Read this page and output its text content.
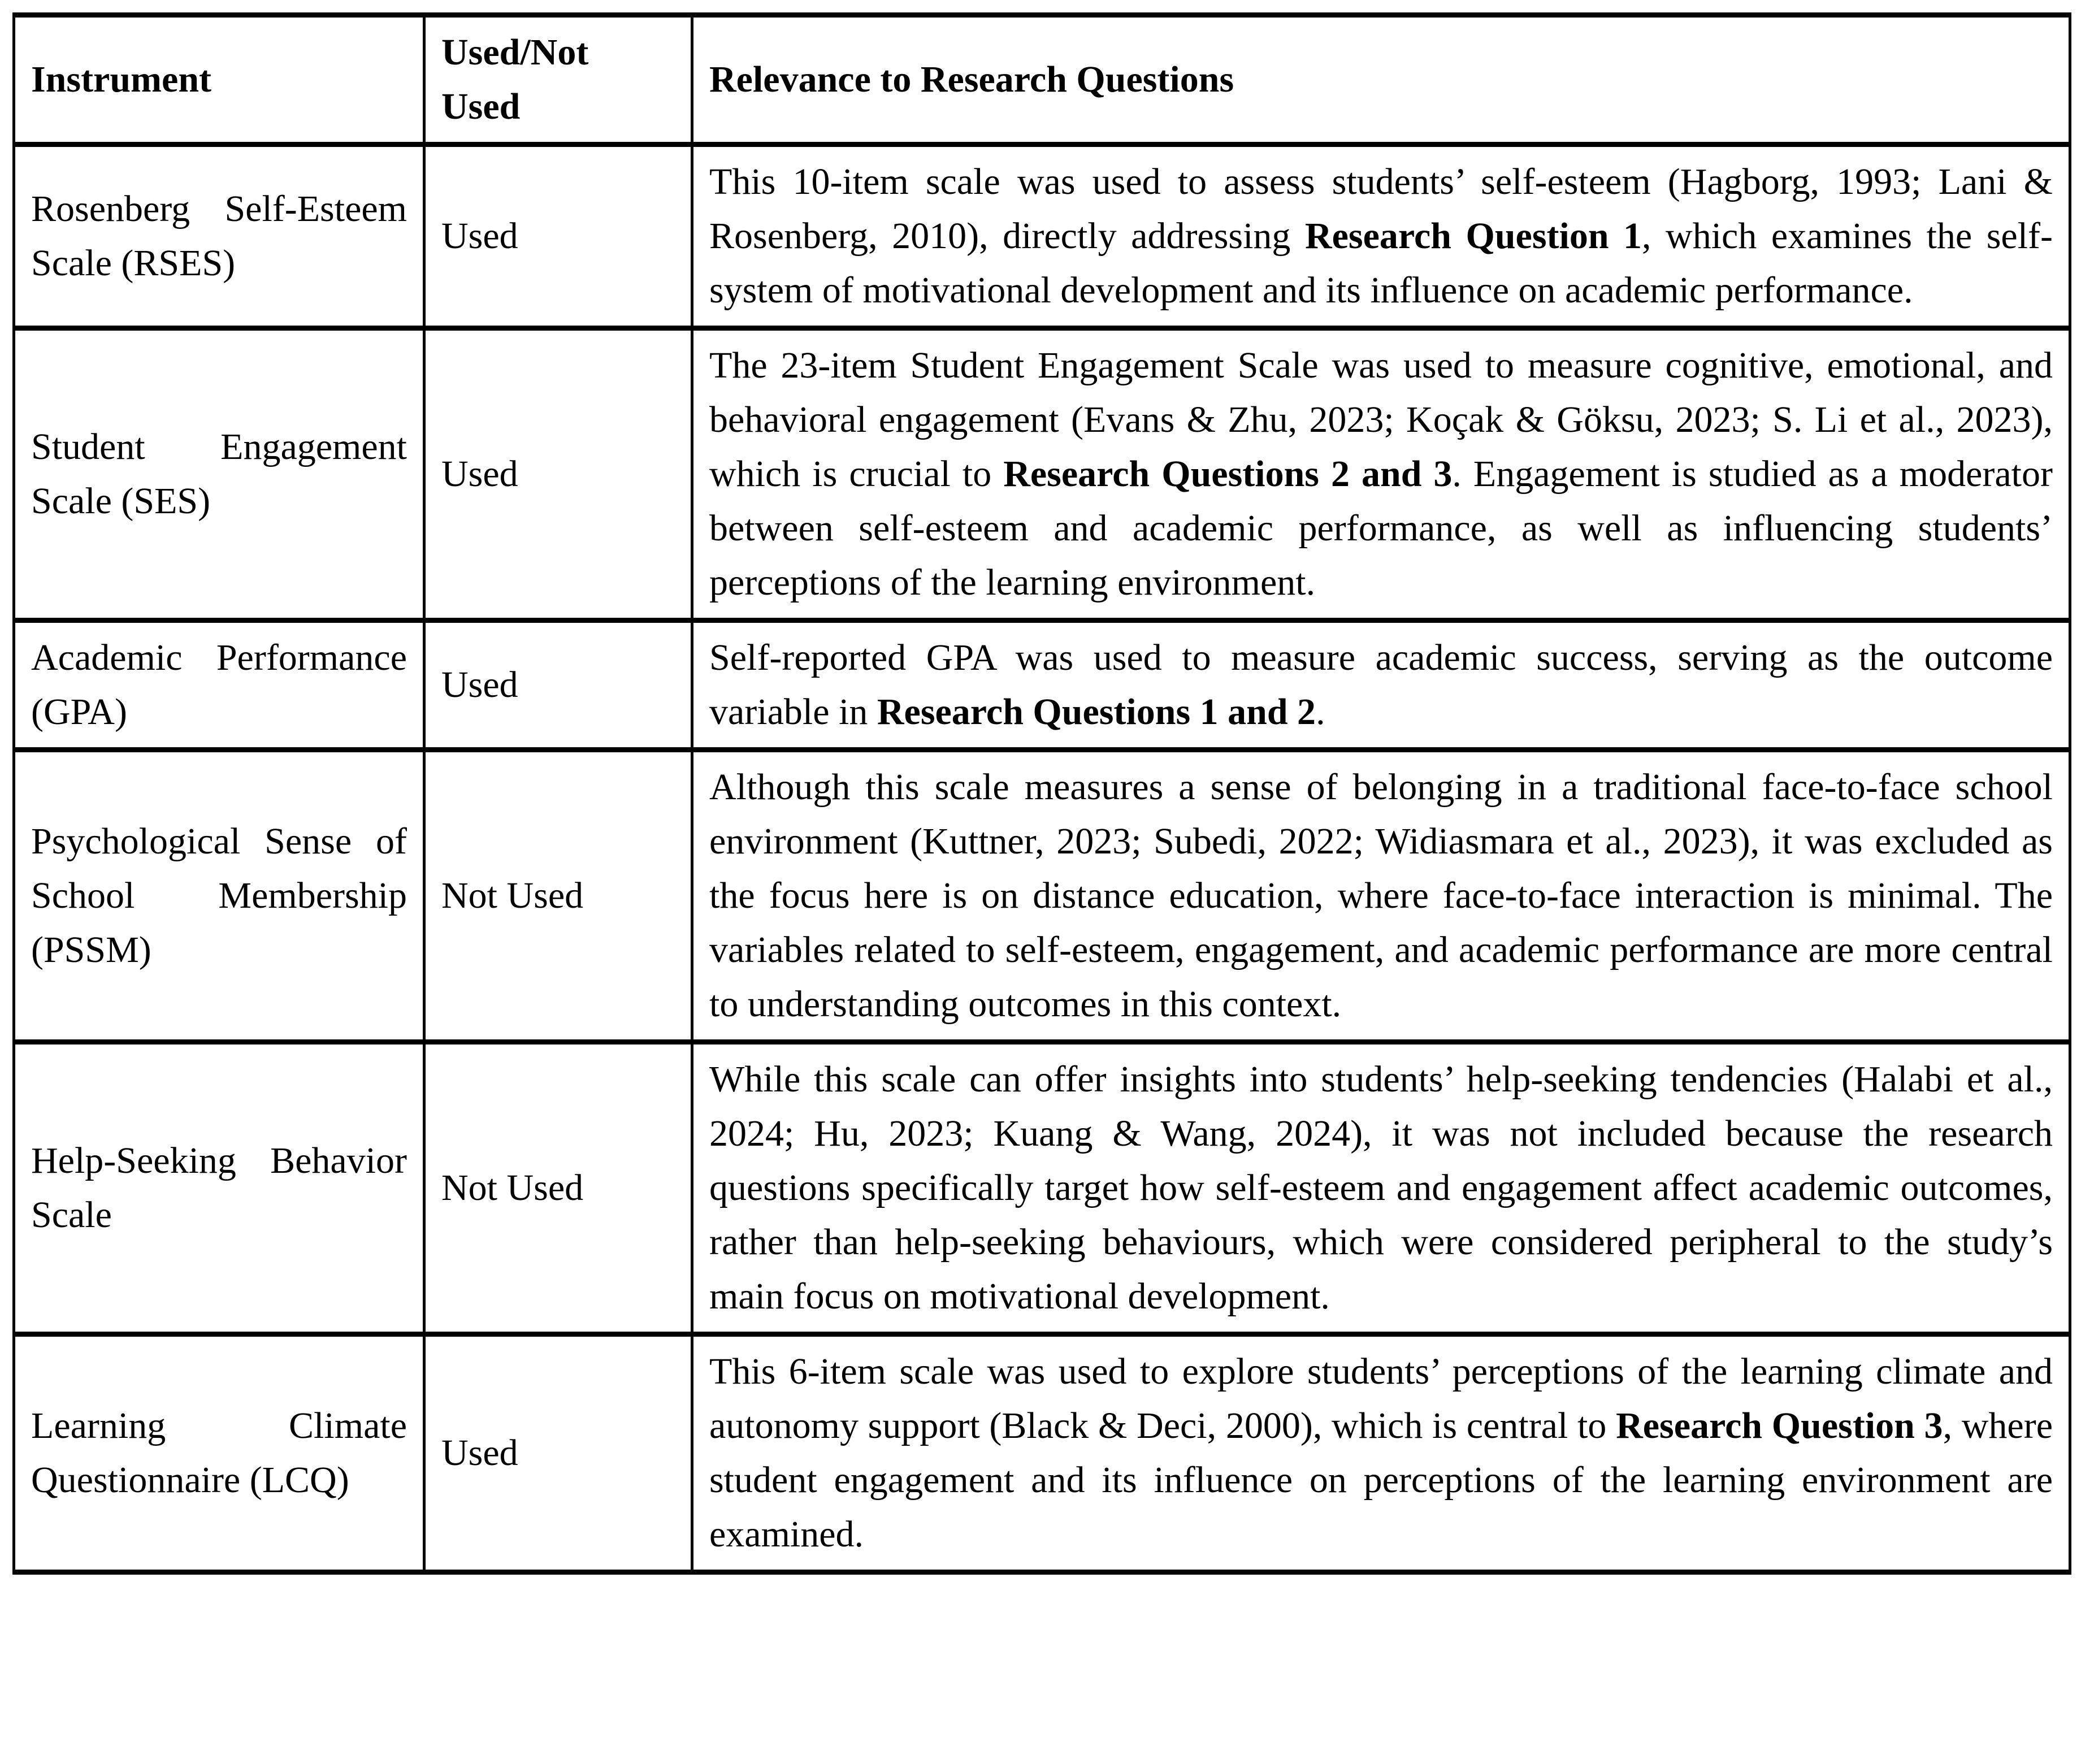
Instrument	Used/Not Used	Relevance to Research Questions
Rosenberg Self-Esteem Scale (RSES)	Used	This 10-item scale was used to assess students’ self-esteem (Hagborg, 1993; Lani & Rosenberg, 2010), directly addressing Research Question 1, which examines the self-system of motivational development and its influence on academic performance.
Student Engagement Scale (SES)	Used	The 23-item Student Engagement Scale was used to measure cognitive, emotional, and behavioral engagement (Evans & Zhu, 2023; Koçak & Göksu, 2023; S. Li et al., 2023), which is crucial to Research Questions 2 and 3. Engagement is studied as a moderator between self-esteem and academic performance, as well as influencing students’ perceptions of the learning environment.
Academic Performance (GPA)	Used	Self-reported GPA was used to measure academic success, serving as the outcome variable in Research Questions 1 and 2.
Psychological Sense of School Membership (PSSM)	Not Used	Although this scale measures a sense of belonging in a traditional face-to-face school environment (Kuttner, 2023; Subedi, 2022; Widiasmara et al., 2023), it was excluded as the focus here is on distance education, where face-to-face interaction is minimal. The variables related to self-esteem, engagement, and academic performance are more central to understanding outcomes in this context.
Help-Seeking Behavior Scale	Not Used	While this scale can offer insights into students’ help-seeking tendencies (Halabi et al., 2024; Hu, 2023; Kuang & Wang, 2024), it was not included because the research questions specifically target how self-esteem and engagement affect academic outcomes, rather than help-seeking behaviours, which were considered peripheral to the study’s main focus on motivational development.
Learning Climate Questionnaire (LCQ)	Used	This 6-item scale was used to explore students’ perceptions of the learning climate and autonomy support (Black & Deci, 2000), which is central to Research Question 3, where student engagement and its influence on perceptions of the learning environment are examined.
